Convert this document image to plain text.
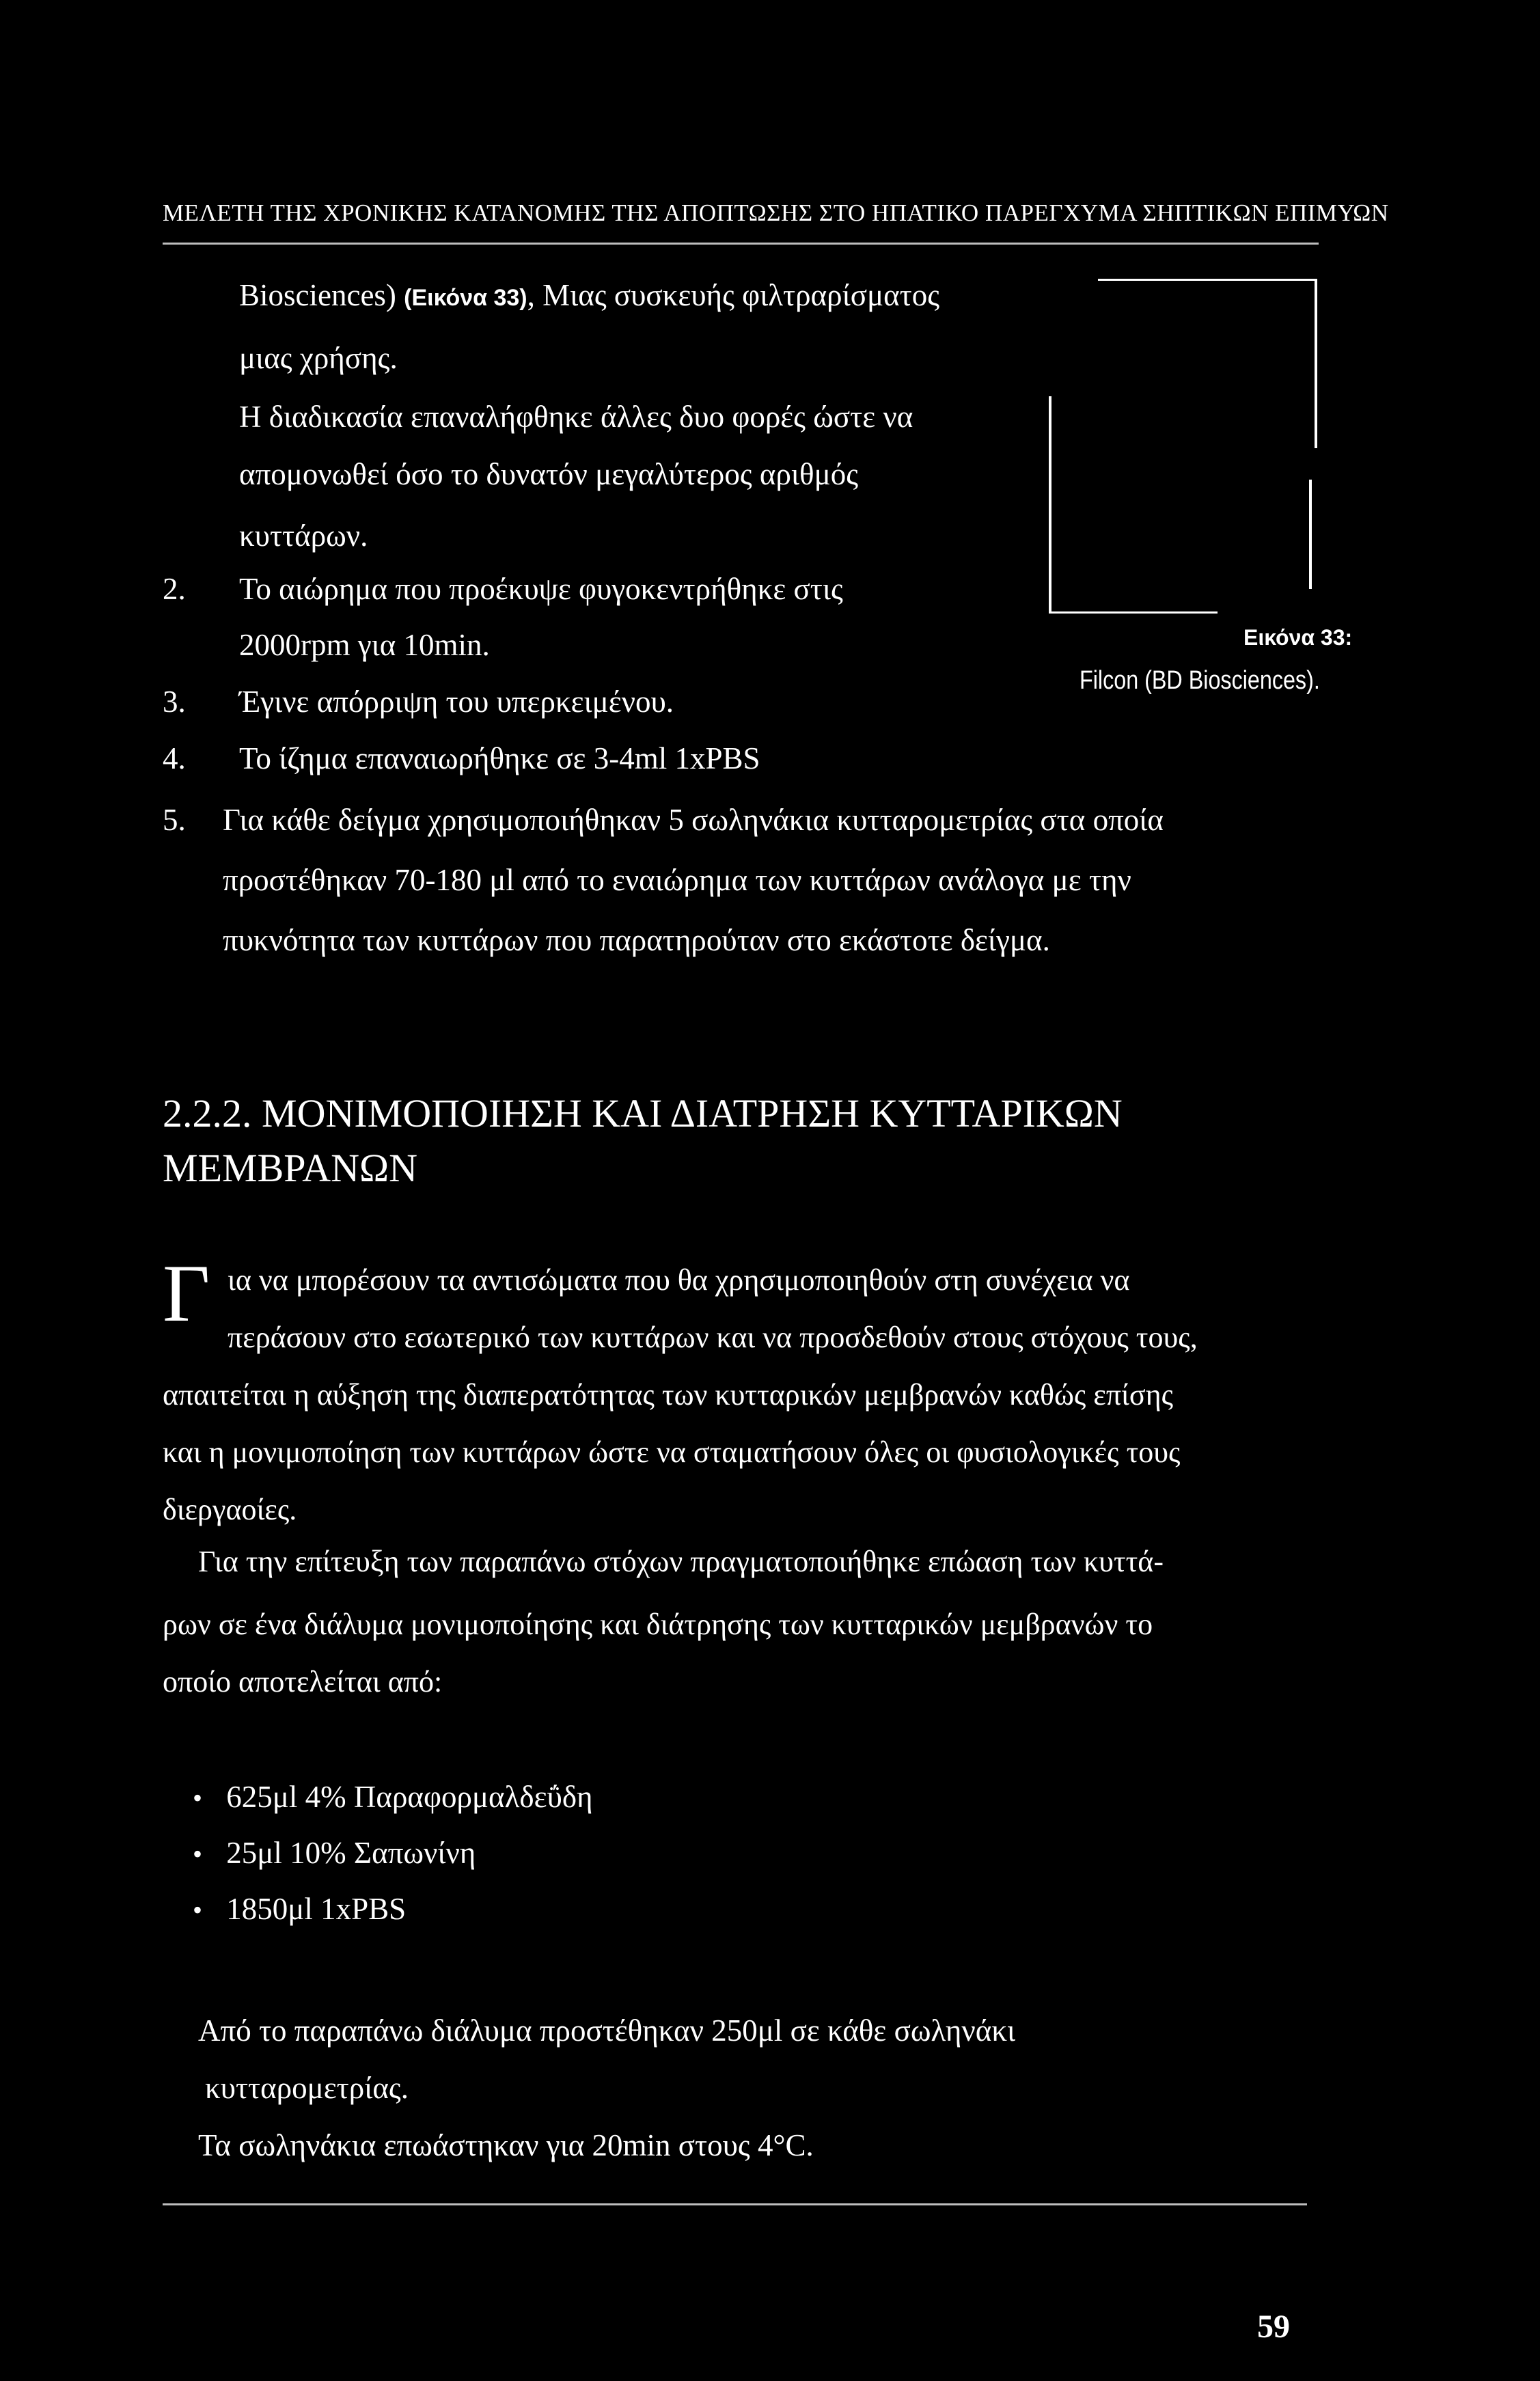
ΜΕΛΕΤΗ ΤΗΣ ΧΡΟΝΙΚΗΣ ΚΑΤΑΝΟΜΗΣ ΤΗΣ ΑΠΟΠΤΩΣΗΣ ΣΤΟ ΗΠΑΤΙΚΟ ΠΑΡΕΓΧΥΜΑ ΣΗΠΤΙΚΩΝ ΕΠΙΜΥΩΝ
Biosciences) (Εικόνα 33), Μιας συσκευής φιλτραρίσματος
μιας χρήσης.
Η διαδικασία επαναλήφθηκε άλλες δυο φορές ώστε να
απομονωθεί όσο το δυνατόν μεγαλύτερος αριθμός
κυττάρων.
2. Το αιώρημα που προέκυψε φυγοκεντρήθηκε στις
2000rpm για 10min.
3. Έγινε απόρριψη του υπερκειμένου.
4. Το ίζημα επαναιωρήθηκε σε 3-4ml 1xPBS
5. Για κάθε δείγμα χρησιμοποιήθηκαν 5 σωληνάκια κυτταρομετρίας στα οποία
προστέθηκαν 70-180 μl από το εναιώρημα των κυττάρων ανάλογα με την
πυκνότητα των κυττάρων που παρατηρούταν στο εκάστοτε δείγμα.
Εικόνα 33:
Filcon (BD Biosciences).
2.2.2. ΜΟΝΙΜΟΠΟΙΗΣΗ ΚΑΙ ΔΙΑΤΡΗΣΗ ΚΥΤΤΑΡΙΚΩΝ
ΜΕΜΒΡΑΝΩΝ
Γ ια να μπορέσουν τα αντισώματα που θα χρησιμοποιηθούν στη συνέχεια να
περάσουν στο εσωτερικό των κυττάρων και να προσδεθούν στους στόχους τους,
απαιτείται η αύξηση της διαπερατότητας των κυτταρικών μεμβρανών καθώς επίσης
και η μονιμοποίηση των κυττάρων ώστε να σταματήσουν όλες οι φυσιολογικές τους
διεργαοίες.
Για την επίτευξη των παραπάνω στόχων πραγματοποιήθηκε επώαση των κυττά-
ρων σε ένα διάλυμα μονιμοποίησης και διάτρησης των κυτταρικών μεμβρανών το
οποίο αποτελείται από:
• 625μl 4% Παραφορμαλδεΰδη
• 25μl 10% Σαπωνίνη
• 1850μl 1xPBS
Από το παραπάνω διάλυμα προστέθηκαν 250μl σε κάθε σωληνάκι
κυτταρομετρίας.
Τα σωληνάκια επωάστηκαν για 20min στους 4°C.
59
